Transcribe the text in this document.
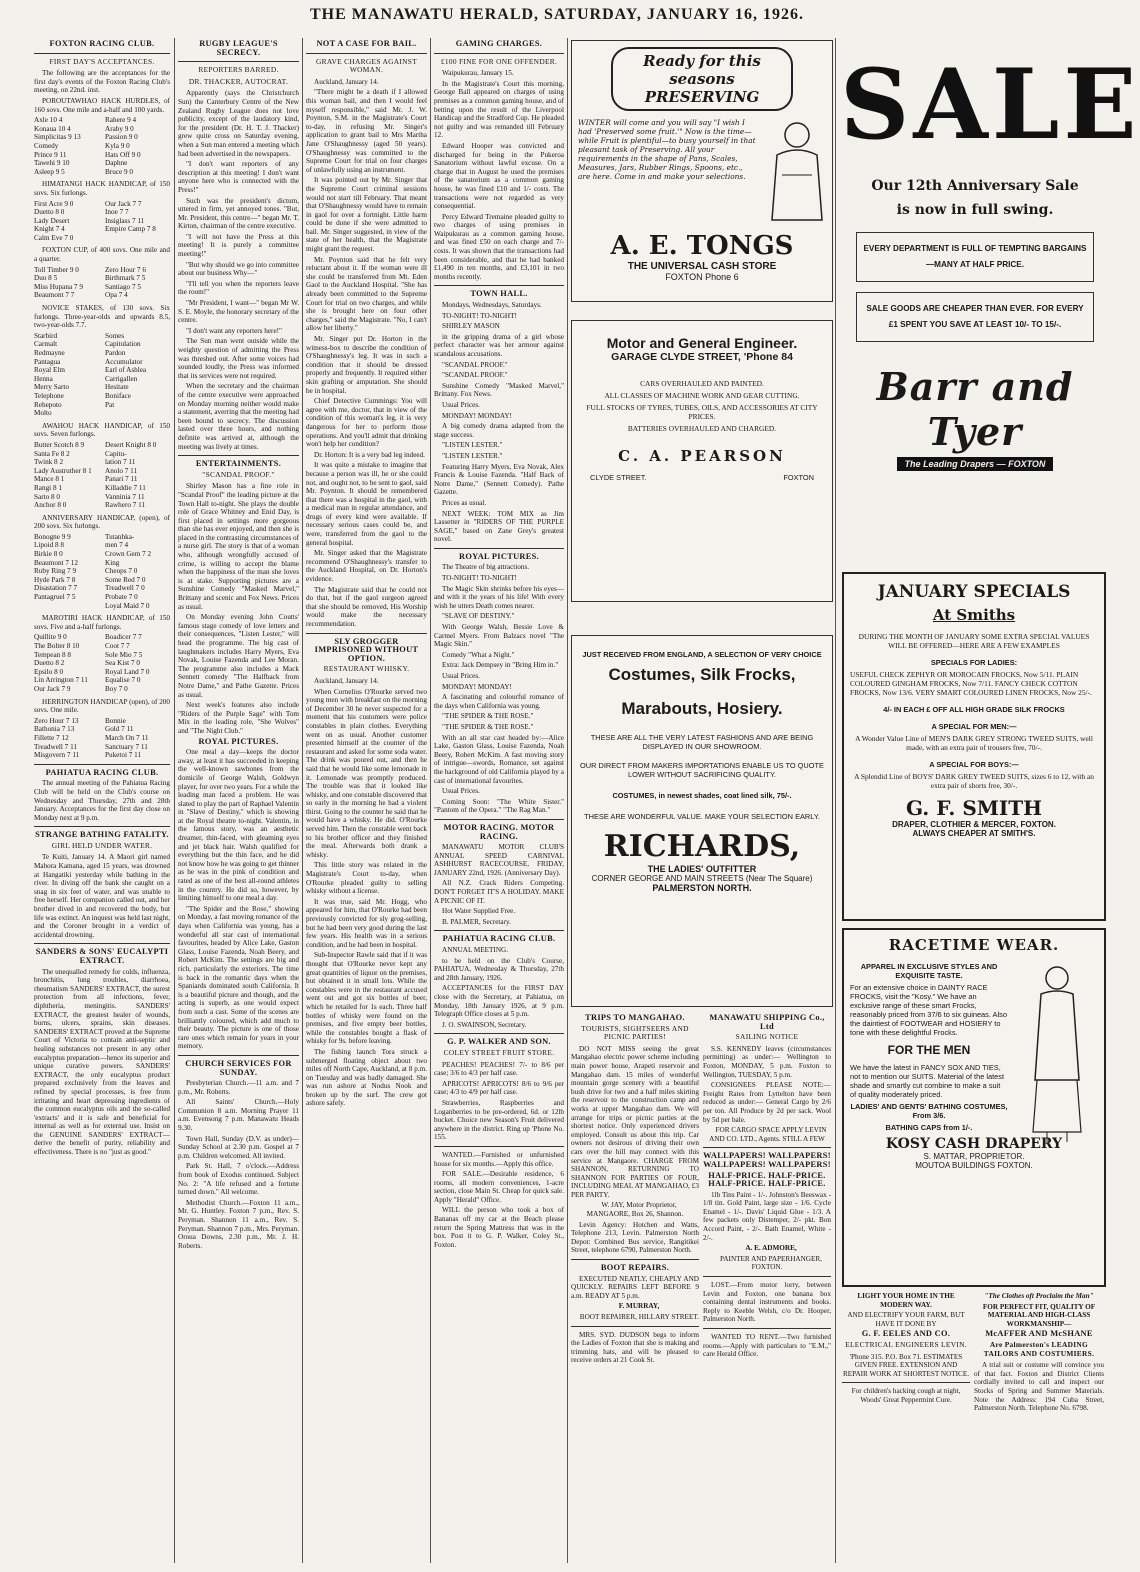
THE MANAWATU HERALD, SATURDAY, JANUARY 16, 1926.
FOXTON RACING CLUB.
FIRST DAY'S ACCEPTANCES.

The following are the acceptances for the first day's events of the Foxton Racing Club's meeting, on 22nd. inst.

POROUTAWHAO HACK HURDLES, of 160 sovs. One mile and a-half and 100 yards.

Axle 10 4	Rahere 9 4
Konaua 10 4	Araby 9 0
Simplicitas 9 13	Passion 9 0
Comedy	Kyla 9 0
Prince 9 11	Hats Off 9 0
Tawehi 9 10	Daphne
Asleep 9 5	Bruce 9 0

HIMATANGI HACK HANDICAP, of 150 sovs. Six furlongs.

First Acre 9 0	Our Jack 7 7
Duetto 8 0	Inoe 7 7
Lady Desert	Insiglass 7 11
Knight 7 4	Empire Camp 7 8
Calm Eve 7 0

FOXTON CUP, of 400 sovs. One mile and a quarter.

Toll Timber 9 0	Zero Hour 7 6
Duo 8 5	Birthmark 7 5
Miss Hupana 7 9	Santiago 7 5
Beaumont 7 7	Opa 7 4

NOVICE STAKES, of 130 sovs. Six furlongs. Three-year-olds and upwards 8.5, two-year-olds 7.7.

Starbird	Somes
Carmalt	Capitulation
Redmayne	Pardon
Pantagua	Accumulator
Royal Elm	Earl of Ashlea
Henna	Carrigallen
Merry Sarto	Hesitate
Telephone	Boniface
Rehepoto	Pat
Molto

AWAHOU HACK HANDICAP, of 150 sovs. Seven furlongs.

Butter Scotch 8 9	Desert Knight 8 0
Santa Fe 8 2	Capitu-
Twink 8 2	lation 7 11
Lady Austruther 8 1	Anolo 7 11
Mance 8 1	Panari 7 11
Rangi 8 1	Killaddie 7 11
Sarto 8 0	Vanninia 7 11
Anchor 8 0	Rawhero 7 11

ANNIVERSARY HANDICAP, (open), of 200 sovs. Six furlongs.

Bonogne 9 9	Tutanhka-
Lipoid 8 8	men 7 4
Birkie 8 0	Crown Gem 7 2
Beaumont 7 12	King
Ruby Ring 7 9	Cheops 7 0
Hyde Park 7 8	Some Red 7 0
Disastation 7 7	Treadwell 7 0
Pantagruel 7 5	Probate 7 0
Loyal Maid 7 0

MAROTIRI HACK HANDICAP, of 150 sovs. Five and a-half furlongs.

Quillite 9 0	Boadicer 7 7
The Bolter 8 10	Coot 7 7
Tempean 8 8	Sole Mio 7 5
Duetto 8 2	Sea Kist 7 0
Epsilo 8 0	Royal Land 7 0
Lin Arrington 7 11	Equalise 7 0
Our Jack 7 9	Boy 7 0

HERRINGTON HANDICAP (open), of 200 sovs. One mile.

Zero Hour 7 13	Bonnie
Bathonia 7 13	Gold 7 11
Fillette 7 12	March On 7 11
Treadwell 7 11	Sanctuary 7 11
Misgovern 7 11	Puketoi 7 11
PAHIATUA RACING CLUB.

The annual meeting of the Pahiatua Racing Club will be held on the Club's course on Wednesday and Thursday, 27th and 28th January. Acceptances for the first day close on Monday next at 9 p.m.

STRANGE BATHING FATALITY.
GIRL HELD UNDER WATER.

Te Kuiti, January 14. A Maori girl named Mahora Kamana, aged 15 years, was drowned at Hangatiki yesterday while bathing in the river. In diving off the bank she caught on a snag in six feet of water, and was unable to free herself. Her companion called out, and her brother dived in and recovered the body, but life was extinct. An inquest was held last night, and the Coroner brought in a verdict of accidental drowning.

SANDERS & SONS' EUCALYPTI EXTRACT.

The unequalled remedy for colds, influenza, bronchitis, lung troubles, diarrhoea, rheumatism SANDERS' EXTRACT, the surest protection from all infections, fever, diphtheria, meningitis. SANDERS' EXTRACT, the greatest healer of wounds, burns, ulcers, sprains, skin diseases. SANDERS' EXTRACT proved at the Supreme Court of Victoria to contain anti-septic and healing substances not present in any other eucalyptus preparation—hence its superior and unique curative powers. SANDERS' EXTRACT, the only eucalyptus product prepared exclusively from the leaves and refined by special processes, is free from irritating and heart depressing ingredients of the common eucalyptus oils and the so-called 'extracts' and it is safe and beneficial for internal as well as for external use. Insist on the GENUINE SANDERS' EXTRACT—derive the benefit of purity, reliability and effectiveness. There is no "just as good."

RUGBY LEAGUE'S SECRECY.
REPORTERS BARRED.
DR. THACKER, AUTOCRAT.

Apparently (says the Christchurch Sun) the Canterbury Centre of the New Zealand Rugby League does not love publicity, except of the laudatory kind, for the president (Dr. H. T. J. Thacker) grew quite cross on Saturday evening, when a Sun man entered a meeting which had been advertised in the newspapers.

"I don't want reporters of any description at this meeting! I don't want anyone here who is connected with the Press!"

Such was the president's dictum, uttered in firm, yet annoyed tones. "But, Mr. President, this centre—" began Mr. T. Kirton, chairman of the centre executive.

"I will not have the Press at this meeting! It is purely a committee meeting!"

"But why should we go into committee about our business Why—"

"I'll tell you when the reporters leave the room!"

"Mr President, I want—" began Mr W. S. E. Moyle, the honorary secretary of the centre.

"I don't want any reporters here!"

The Sun man went outside while the weighty question of admitting the Press was threshed out. After some voices had sounded loudly, the Press was informed that its services were not required.

When the secretary and the chairman of the centre executive were approached on Monday morning neither would make a statement, averring that the meeting had been bound to secrecy. The discussion lasted over three hours, and nothing definite was arrived at, although the meeting was lively at times.

ENTERTAINMENTS.
"SCANDAL PROOF."

Shirley Mason has a fine role in "Scandal Proof" the leading picture at the Town Hall to-night. She plays the double role of Grace Whitney and Enid Day, is first placed in settings more gorgeous than she has ever enjoyed, and then she is placed in the contrasting circumstances of a nurse girl. The story is that of a woman who, although wrongfully accused of crime, is willing to accept the blame when the happiness of the man she loves is at stake. Supporting pictures are a Sunshine Comedy "Masked Marvel," Brittany and scenic and Fox News. Prices as usual.

On Monday evening John Coutts' famous stage comedy of love letters and their consequences, "Listen Lester," will head the programme. The big cast of laughmakers includes Harry Myers, Eva Novak, Louise Fazenda and Lee Moran. The programme also includes a Mack Sennett comedy "The Halfback from Notre Dame," and Pathe Gazette. Prices as usual.

Next week's features also include "Riders of the Purple Sage" with Tom Mix in the leading role, "She Wolves" and "The Night Club."

ROYAL PICTURES.

One meal a day—keeps the doctor away, at least it has succeeded in keeping the well-known sawbones from the domicile of George Walsh, Goldwyn player, for over two years. For a while the leading man faced a problem. He was slated to play the part of Raphael Valentin in "Slave of Destiny," which is showing at the Royal theatre to-night. Valentin, in the famous story, was an aesthetic dreamer, thin-faced, with gleaming eyes and jet black hair. Walsh qualified for everything but the thin face, and he did not know how he was going to get thinner as he was in the pink of condition and rated as one of the best all-round athletes in the country. He did so, however, by limiting himself to one meal a day.

"The Spider and the Rose," showing on Monday, a fast moving romance of the days when California was young, has a wonderful all star cast of international favourites, headed by Alice Lake, Gaston Glass, Louise Fazenda, Noah Beery, and Robert McKim. The settings are big and rich, particularly the exteriors. The time is back in the romantic days when the Spaniards dominated south California. It is a beautiful picture and though, and the acting is superb, as one would expect from such a cast. Some of the scenes are brilliantly coloured, which add much to their beauty. The picture is one of those rare ones which remain for years in your memory.

CHURCH SERVICES FOR SUNDAY.

Presbyterian Church.—11 a.m. and 7 p.m., Mr. Roberts.

All Saints' Church.—Holy Communion 8 a.m. Morning Prayer 11 a.m. Evensong 7 p.m. Manawatu Heads 9.30.

Town Hall, Sunday (D.V. as under)—Sunday School at 2.30 p.m. Gospel at 7 p.m. Children welcomed. All invited.

Park St. Hall, 7 o'clock.—Address from book of Exodus continued. Subject No. 2: "A life refused and a fortune turned down." All welcome.

Methodist Church.—Foxton 11 a.m., Mr. G. Huntley. Foxton 7 p.m., Rev. S. Peryman. Shannon 11 a.m., Rev. S. Peryman. Shannon 7 p.m., Mrs. Peryman. Oroua Downs, 2.30 p.m., Mr. J. H. Roberts.

NOT A CASE FOR BAIL.
GRAVE CHARGES AGAINST WOMAN.

Auckland, January 14.

"There might be a death if I allowed this woman bail, and then I would feel myself responsible," said Mr. J. W. Poynton, S.M. in the Magistrate's Court to-day, in refusing Mr. Singer's application to grant bail to Mrs Martha Jane O'Shaughnessy (aged 50 years). O'Shaughnessy was committed to the Supreme Court for trial on four charges of unlawfully using an instrument.

It was pointed out by Mr. Singer that the Supreme Court criminal sessions would not start till February. That meant that O'Shaughnessy would have to remain in gaol for over a fortnight. Little harm could be done if she were admitted to bail. Mr. Singer suggested, in view of the state of her health, that the Magistrate might grant the request.

Mr. Poynton said that he felt very reluctant about it. If the woman were ill she could be transferred from Mt. Eden Gaol to the Auckland Hospital. "She has already been committed to the Supreme Court for trial on two charges, and while she is brought here on four other charges," said the Magistrate. "No, I can't allow her liberty."

Mr. Singer put Dr. Horton in the witness-box to describe the condition of O'Shaughnessy's leg. It was in such a condition that it should be dressed properly and frequently. It required either skin grafting or amputation. She should be in hospital.

Chief Detective Cummings: You will agree with me, doctor, that in view of the condition of this woman's leg, it is very dangerous for her to perform those operations. And you'll admit that drinking won't help her condition?

Dr. Horton: It is a very bad leg indeed.

It was quite a mistake to imagine that because a person was ill, he or she could not, and ought not, to be sent to gaol, said Mr. Poynton. It should be remembered that there was a hospital in the gaol, with a medical man in regular attendance, and drugs of every kind were available. If necessary serious cases could be, and were, transferred from the gaol to the general hospital.

Mr. Singer asked that the Magistrate recommend O'Shaughnessy's transfer to the Auckland Hospital, on Dr. Horton's evidence.

The Magistrate said that he could not do that, but if the gaol surgeon agreed that she should be removed, His Worship would make the necessary recommendation.

SLY GROGGER IMPRISONED WITHOUT OPTION.
RESTAURANT WHISKY.

Auckland, January 14.

When Cornelius O'Rourke served two young men with breakfast on the morning of December 30 he never suspected for a moment that his customers were police constables in plain clothes. Everything went on as usual. Another customer presented himself at the counter of the restaurant and asked for some soda water. The drink was poured out, and then he said that he would like some lemonade in it. Lemonade was promptly produced. The trouble was that it looked like whisky, and one constable discovered that so early in the morning he had a violent thirst. Going to the counter he said that he would have a whisky. He did. O'Rourke served him. Then the constable went back to his brother officer and they finished the meal. Afterwards both drank a whisky.

This little story was related in the Magistrate's Court to-day, when O'Rourke pleaded guilty to selling whisky without a license.

It was true, said Mr. Hogg, who appeared for him, that O'Rourke had been previously convicted for sly grog-selling, but he had been very good during the last few years. His health was in a serious condition, and he had been in hospital.

Sub-Inspector Rawle said that if it was thought that O'Rourke never kept any great quantities of liquor on the premises, but obtained it in small lots. While the constables were in the restaurant accused went out and got six bottles of beer, which he retailed for 1s each. Three half bottles of whisky were found on the premises, and five empty beer bottles, while the constables bought a flask of whisky for 9s. before leaving.

The fishing launch Tora struck a submerged floating object about two miles off North Cape, Auckland, at 8 p.m. on Tuesday and was badly damaged. She was run ashore at Nodus Nook and broken up by the surf. The crew got ashore safely.

GAMING CHARGES.
£100 FINE FOR ONE OFFENDER.

Waipukurau, January 15.

In the Magistrate's Court this morning, George Ball appeared on charges of using premises as a common gaming house, and of betting upon the result of the Liverpool Handicap and the Stradford Cup. He pleaded not guilty and was remanded till February 12.

Edward Hooper was convicted and discharged for being in the Pukeroa Sanatorium without lawful excuse. On a charge that in August he used the premises of the sanatorium as a common gaming house, he was fined £10 and 1/- costs. The transactions were not regarded as very consequential.

Percy Edward Tremaine pleaded guilty to two charges of using premises in Waipukurau as a common gaming house, and was fined £50 on each charge and 7/- costs. It was shown that the transactions had been considerable, and that he had banked £1,490 in ten months, and £3,101 in two months recently.

TOWN HALL.

Mondays, Wednesdays, Saturdays.

TO-NIGHT! TO-NIGHT!

SHIRLEY MASON

in the gripping drama of a girl whose perfect character was her armour against scandalous accusations.

"SCANDAL PROOF."

"SCANDAL PROOF."

Sunshine Comedy "Masked Marvel," Brittany. Fox News.

Usual Prices.

MONDAY! MONDAY!

A big comedy drama adapted from the stage success.

"LISTEN LESTER."

"LISTEN LESTER."

Featuring Harry Myers, Eva Novak, Alex Francis & Louise Fazenda. "Half Back of Notre Dame," (Sennett Comedy). Pathe Gazette.

Prices as usual.

NEXT WEEK: TOM MIX as Jim Lassetter in "RIDERS OF THE PURPLE SAGE," based on Zane Grey's greatest novel.

ROYAL PICTURES.

The Theatre of big attractions.

TO-NIGHT! TO-NIGHT!

The Magic Skin shrinks before his eyes—and with it the years of his life! With every wish he utters Death comes nearer.

"SLAVE OF DESTINY."

With George Walsh, Bessie Love & Carmel Myers. From Balzacs novel "The Magic Skin."

Comedy "What a Night."

Extra: Jack Dempsey in "Bring Him in."

Usual Prices.

MONDAY! MONDAY!

A fascinating and colourful romance of the days when California was young.

"THE SPIDER & THE ROSE."

"THE SPIDER & THE ROSE."

With an all star cast headed by:—Alice Lake, Gaston Glass, Louise Fazenda, Noah Beery, Robert McKim. A fast moving story of intrigue—swords, Romance, set against the background of old California played by a cast of international favourites.

Usual Prices.

Coming Soon: "The White Sister." "Pantom of the Opera." "The Rag Man."

MOTOR RACING. MOTOR RACING.

MANAWATU MOTOR CLUB'S ANNUAL SPEED CARNIVAL ASHHURST RACECOURSE, FRIDAY, JANUARY 22nd, 1926. (Anniversary Day).

All N.Z. Crack Riders Competing. DON'T FORGET IT'S A HOLIDAY. MAKE A PICNIC OF IT.

Hot Water Supplied Free.

B. PALMER, Secretary.

PAHIATUA RACING CLUB.

ANNUAL MEETING.

to be held on the Club's Course, PAHIATUA, Wednesday & Thursday, 27th and 28th January, 1926.

ACCEPTANCES for the FIRST DAY close with the Secretary, at Pahiatua, on Monday, 18th January 1926, at 9 p.m. Telegraph Office closes at 5 p.m.

J. O. SWAINSON, Secretary.

G. P. WALKER AND SON.
COLEY STREET FRUIT STORE.

PEACHES! PEACHES! 7/- to 8/6 per case; 3/6 to 4/3 per half case.

APRICOTS! APRICOTS! 8/6 to 9/6 per case; 4/3 to 4/9 per half case.

Strawberries, Raspberries and Loganberries to be pre-ordered, 6d. or 12lb bucket. Choice new Season's Fruit delivered anywhere in the district. Ring up 'Phone No. 155.

WANTED.—Furnished or unfurnished house for six months.—Apply this office.

FOR SALE.—Desirable residence, 6 rooms, all modern conveniences, 1-acre section, close Main St. Cheap for quick sale. Apply "Herald" Office.

WILL the person who took a box of Bananas off my car at the Beach please return the Spring Mattress that was in the box. Post it to G. P. Walker, Coley St., Foxton.

Ready for this seasons PRESERVING

WINTER will come and you will say "I wish I had 'Preserved some fruit.'" Now is the time—while Fruit is plentiful—to busy yourself in that pleasant task of Preserving. All your requirements in the shape of Pans, Scales, Measures, Jars, Rubber Rings, Spoons, etc., are here. Come in and make your selections.

A. E. TONGS
THE UNIVERSAL CASH STORE
FOXTON Phone 6
Motor and General Engineer.
GARAGE CLYDE STREET, 'Phone 84

CARS OVERHAULED AND PAINTED.

ALL CLASSES OF MACHINE WORK AND GEAR CUTTING.

FULL STOCKS OF TYRES, TUBES, OILS, AND ACCESSORIES AT CITY PRICES.

BATTERIES OVERHAULED AND CHARGED.

C. A. PEARSON
CLYDE STREET.	FOXTON

JUST RECEIVED FROM ENGLAND, A SELECTION OF VERY CHOICE

Costumes, Silk Frocks,
Marabouts, Hosiery.

THESE ARE ALL THE VERY LATEST FASHIONS AND ARE BEING DISPLAYED IN OUR SHOWROOM.

OUR DIRECT FROM MAKERS IMPORTATIONS ENABLE US TO QUOTE LOWER WITHOUT SACRIFICING QUALITY.

COSTUMES, in newest shades, coat lined silk, 75/-.

THESE ARE WONDERFUL VALUE. MAKE YOUR SELECTION EARLY.

RICHARDS,
THE LADIES' OUTFITTER
CORNER GEORGE AND MAIN STREETS (Near The Square)
PALMERSTON NORTH.
TRIPS TO MANGAHAO.
TOURISTS, SIGHTSEERS AND PICNIC PARTIES!

DO NOT MISS seeing the great Mangahao electric power scheme including main power house, Arapeti reservoir and Mangahao dam. 15 miles of wonderful mountain gorge scenery with a beautiful bush drive for two and a half miles skirting the reservoir to the construction camp and works at upper Mangahao dam. We will arrange for trips or picnic parties at the shortest notice. Only experienced drivers employed. Consult us about this trip. Car owners not desirous of driving their own cars over the hill may connect with this service at Mangaore. CHARGE FROM SHANNON, RETURNING TO SHANNON FOR PARTIES OF FOUR, INCLUDING MEAL AT MANGAHAO, £3 PER PARTY.

W. JAY, Motor Proprietor, MANGAORE, Box 26, Shannon.

Levin Agency: Hotchen and Watts, Telephone 213, Levin. Palmerston North Depot: Combined Bus service, Rangitikei Street, telephone 6790, Palmerston North.

BOOT REPAIRS.

EXECUTED NEATLY, CHEAPLY AND QUICKLY. REPAIRS LEFT BEFORE 9 a.m. READY AT 5 p.m.

F. MURRAY,

BOOT REPAIRER, HILLARY STREET.

MRS. SYD. DUDSON begs to inform the Ladies of Foxton that she is making and trimming hats, and will be pleased to receive orders at 21 Cook St.

MANAWATU SHIPPING Co., Ltd
SAILING NOTICE

S.S. KENNEDY leaves (circumstances permitting) as under:— Wellington to Foxton, MONDAY, 5 p.m. Foxton to Wellington, TUESDAY, 5 p.m.

CONSIGNEES PLEASE NOTE:— Freight Rates from Lyttelton have been reduced as under:— General Cargo by 2/6 per ton. All Produce by 2d per sack. Wool by 5d per bale.

FOR CARGO SPACE APPLY LEVIN AND CO. LTD., Agents. STILL A FEW

WALLPAPERS! WALLPAPERS! WALLPAPERS! WALLPAPERS!
HALF-PRICE. HALF-PRICE. HALF-PRICE. HALF-PRICE.

1lb Tins Paint - 1/-. Johnston's Beeswax - 1/8 tin. Gold Paint, large size - 1/6. Cycle Enamel - 1/-. Davis' Liquid Glue - 1/3. A few packets only Distemper, 2/- pkt. Bon Accord Paint, - 2/-. Bath Enamel, White - 2/-.

A. E. ADMORE,

PAINTER AND PAPERHANGER, FOXTON.

LOST.—From motor lorry, between Levin and Foxton, one banana box containing dental instruments and books. Reply to Keeble Welsh, c/o Dr. Hooper, Palmerston North.

WANTED TO RENT.—Two furnished rooms.—Apply with particulars to "E.M.," care Herald Office.

SALE
Our 12th Anniversary Sale
is now in full swing.
EVERY DEPARTMENT IS FULL OF TEMPTING BARGAINS—MANY AT HALF PRICE.
SALE GOODS ARE CHEAPER THAN EVER. FOR EVERY £1 SPENT YOU SAVE AT LEAST 10/- TO 15/-.
Barr and Tyer
The Leading Drapers — FOXTON
JANUARY SPECIALS
At Smiths

DURING THE MONTH OF JANUARY SOME EXTRA SPECIAL VALUES WILL BE OFFERED—HERE ARE A FEW EXAMPLES

SPECIALS FOR LADIES:

USEFUL CHECK ZEPHYR OR MOROCAIN FROCKS, Now 5/11. PLAIN COLOURED GINGHAM FROCKS, Now 7/11. FANCY CHECK COTTON FROCKS, Now 13/6. VERY SMART COLOURED LINEN FROCKS, Now 25/-.

4/- IN EACH £ OFF ALL HIGH GRADE SILK FROCKS

A SPECIAL FOR MEN:—

A Wonder Value Line of MEN'S DARK GREY STRONG TWEED SUITS, well made, with an extra pair of trousers free, 70/-.

A SPECIAL FOR BOYS:—

A Splendid Line of BOYS' DARK GREY TWEED SUITS, sizes 6 to 12, with an extra pair of shorts free, 30/-.

G. F. SMITH
DRAPER, CLOTHIER & MERCER, FOXTON.
ALWAYS CHEAPER AT SMITH'S.
RACETIME WEAR.

APPAREL IN EXCLUSIVE STYLES AND EXQUISITE TASTE.

For an extensive choice in DAINTY RACE FROCKS, visit the "Kosy." We have an exclusive range of these smart Frocks, reasonably priced from 37/6 to six guineas. Also the daintiest of FOOTWEAR and HOSIERY to tone with these delightful Frocks.

FOR THE MEN

We have the latest in FANCY SOX AND TIES, not to mention our SUITS. Material of the latest shade and smartly cut combine to make a suit of quality moderately priced.

LADIES' AND GENTS' BATHING COSTUMES, From 3/6.

BATHING CAPS from 1/-.

KOSY CASH DRAPERY
S. MATTAR, PROPRIETOR.
MOUTOA BUILDINGS FOXTON.

LIGHT YOUR HOME IN THE MODERN WAY.

AND ELECTRIFY YOUR FARM, BUT HAVE IT DONE BY

G. F. EELES AND CO.
ELECTRICAL ENGINEERS LEVIN.

'Phone 315. P.O. Box 71. ESTIMATES GIVEN FREE. EXTENSION AND REPAIR WORK AT SHORTEST NOTICE.

For children's hacking cough at night, Woods' Great Peppermint Cure.

"The Clothes oft Proclaim the Man"

FOR PERFECT FIT, QUALITY OF MATERIAL AND HIGH-CLASS WORKMANSHIP—

McAFFER AND McSHANE
Are Palmerston's LEADING TAILORS AND COSTUMIERS.

A trial suit or costume will convince you of that fact. Foxton and District Clients cordially invited to call and inspect our Stocks of Spring and Summer Materials. Note the Address: 194 Cuba Street, Palmerston North. Telephone No. 6798.
